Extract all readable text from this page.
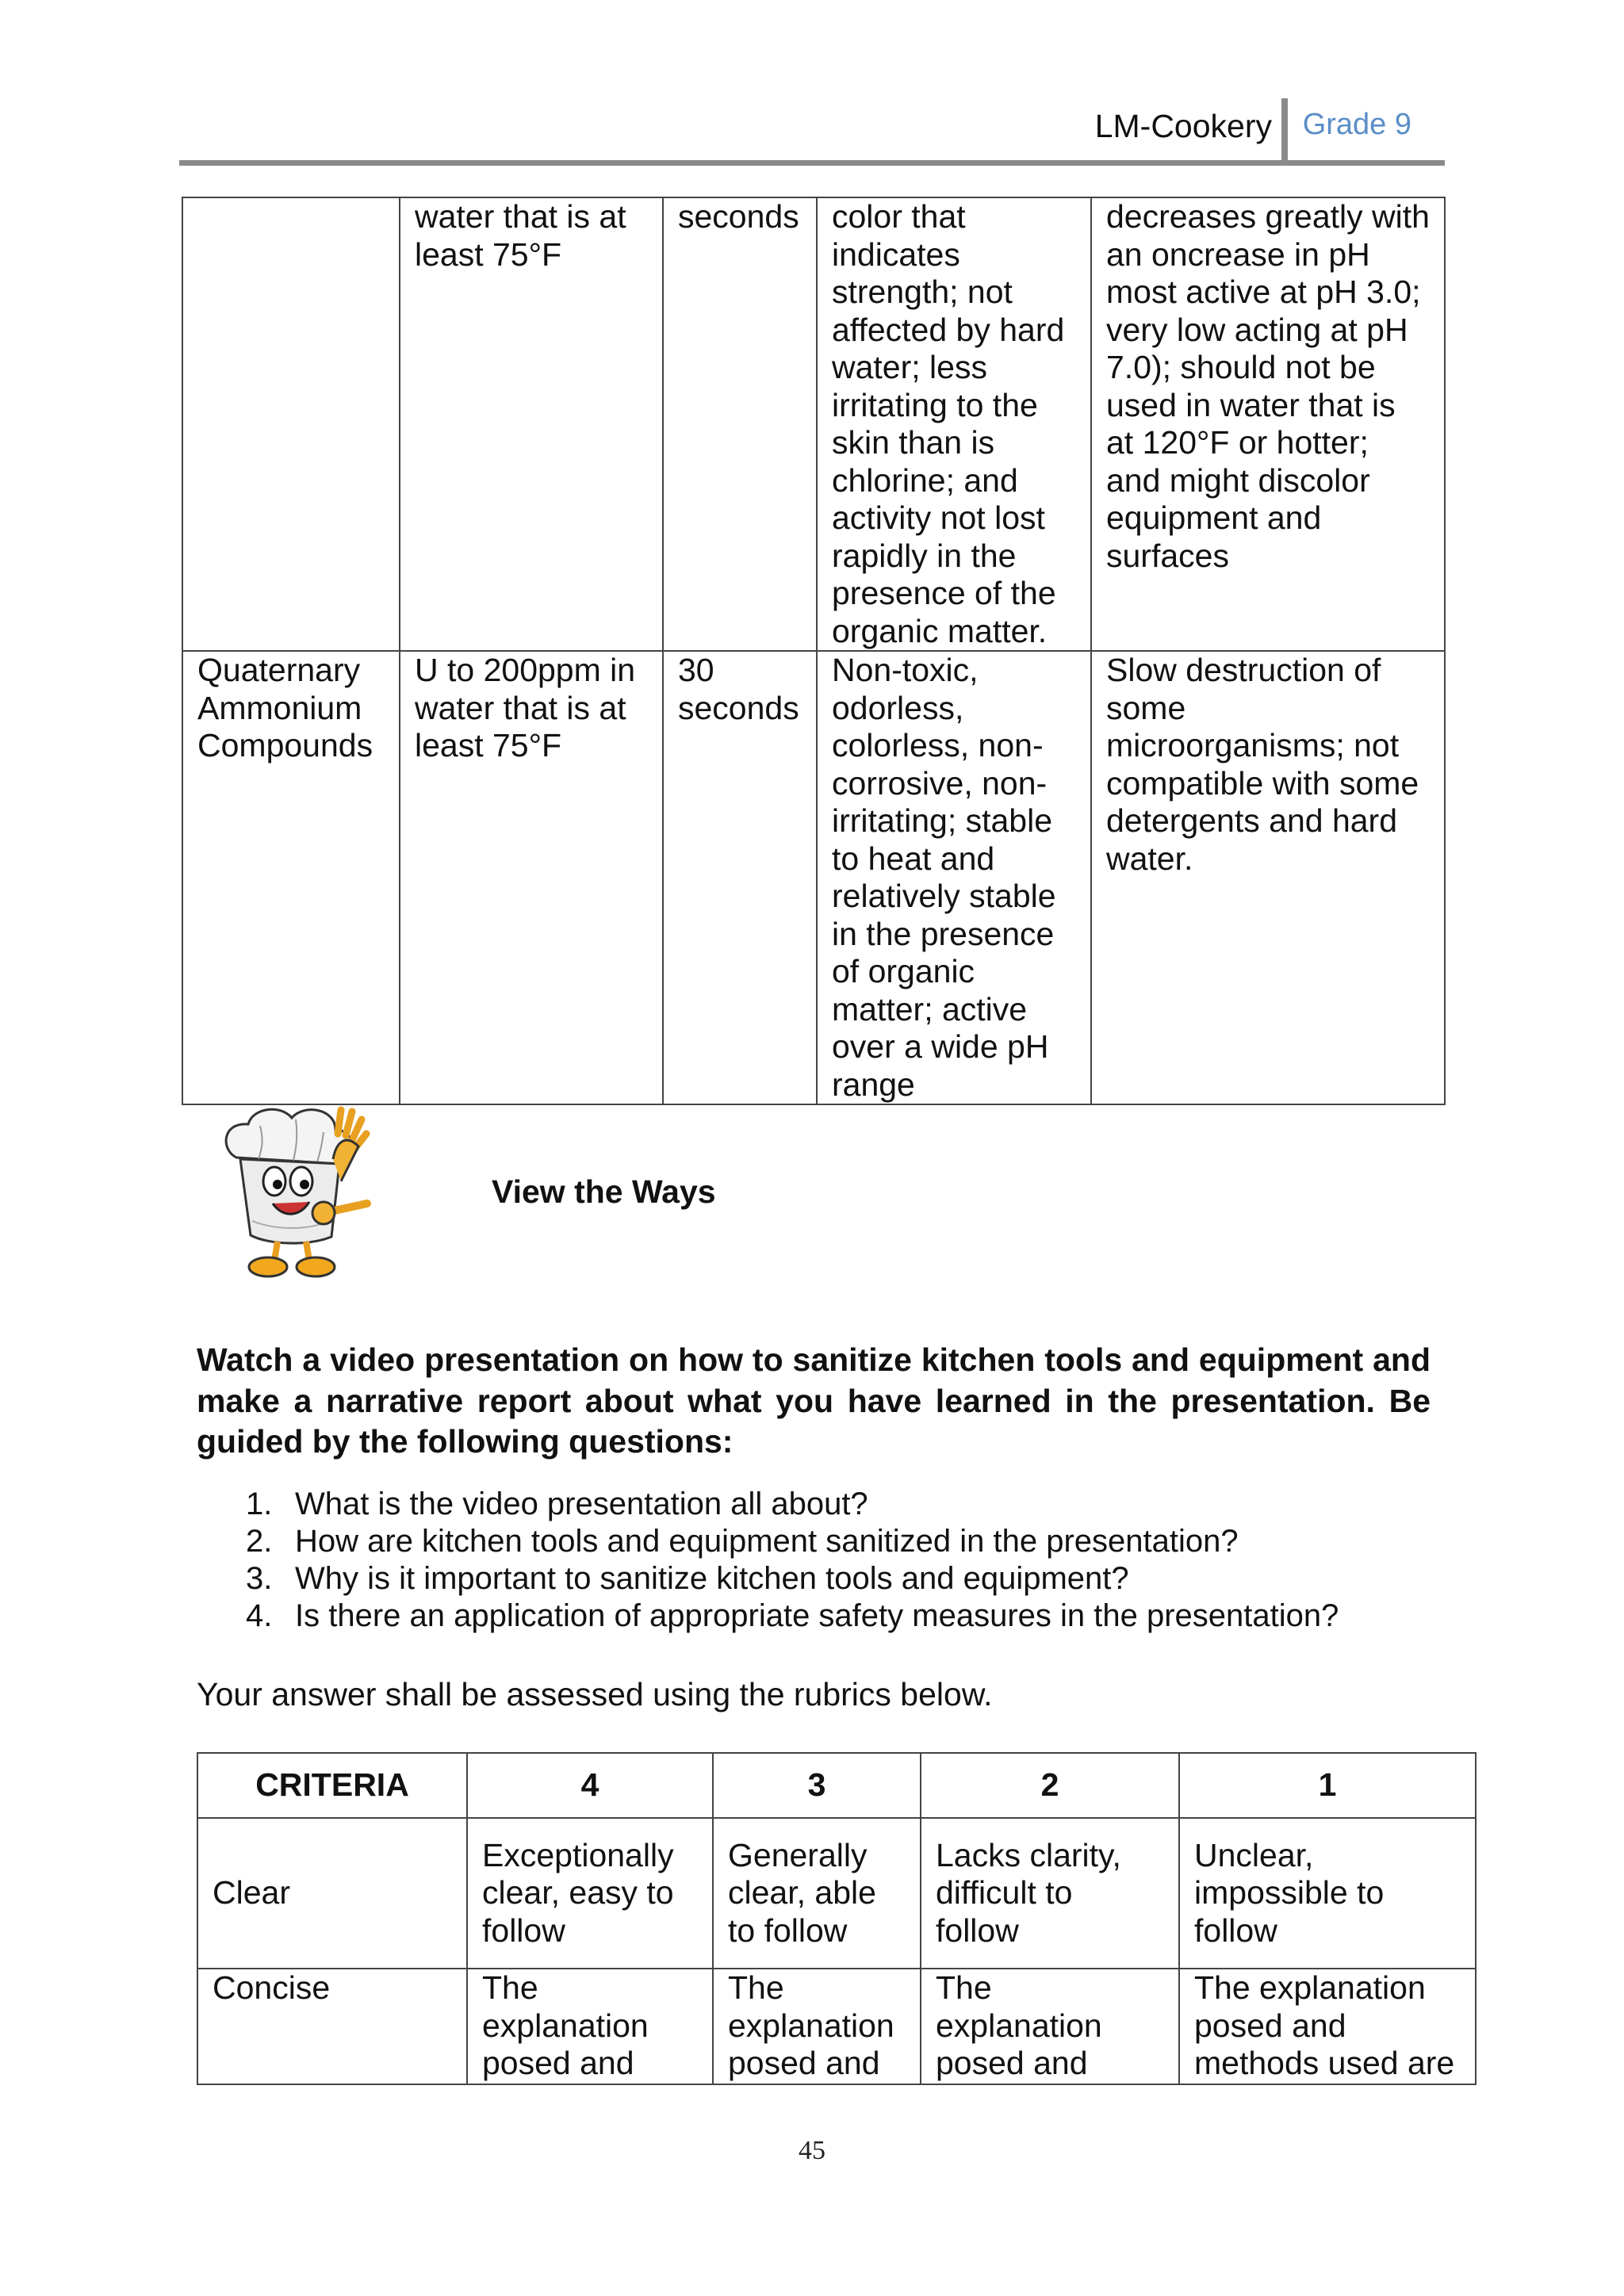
LM-Cookery Grade 9
	water that is at least 75°F	seconds	color that indicates strength; not affected by hard water; less irritating to the skin than is chlorine; and activity not lost rapidly in the presence of the organic matter.	decreases greatly with an oncrease in pH most active at pH 3.0; very low acting at pH 7.0); should not be used in water that is at 120°F or hotter; and might discolor equipment and surfaces
Quaternary Ammonium Compounds	U to 200ppm in water that is at least 75°F	30 seconds	Non-toxic, odorless, colorless, non-corrosive, non-irritating; stable to heat and relatively stable in the presence of organic matter; active over a wide pH range	Slow destruction of some microorganisms; not compatible with some detergents and hard water.
View the Ways
Watch a video presentation on how to sanitize kitchen tools and equipment and make a narrative report about what you have learned in the presentation. Be guided by the following questions:
1. What is the video presentation all about?
2. How are kitchen tools and equipment sanitized in the presentation?
3. Why is it important to sanitize kitchen tools and equipment?
4. Is there an application of appropriate safety measures in the presentation?
Your answer shall be assessed using the rubrics below.
CRITERIA	4	3	2	1
Clear	Exceptionally clear, easy to follow	Generally clear, able to follow	Lacks clarity, difficult to follow	Unclear, impossible to follow
Concise	The explanation posed and	The explanation posed and	The explanation posed and	The explanation posed and methods used are
45
